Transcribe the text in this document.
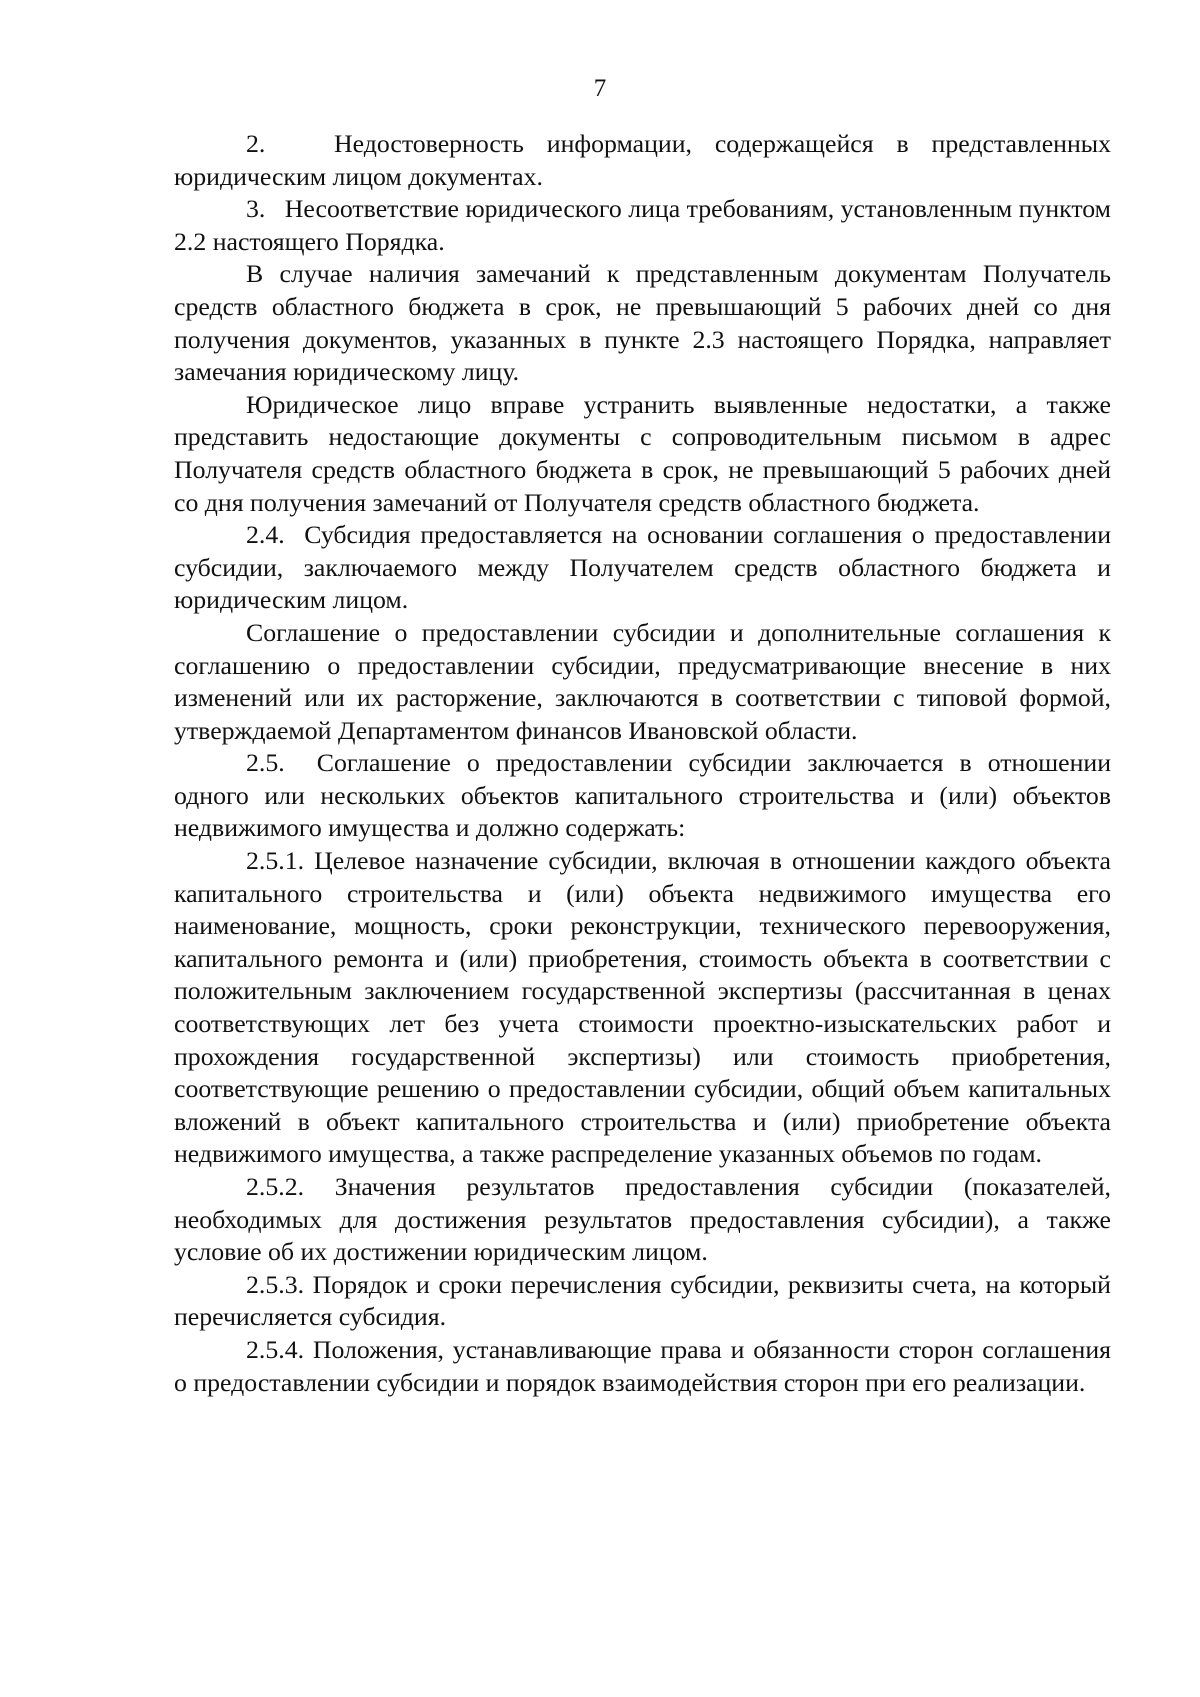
7

2.   Недостоверность информации, содержащейся в представленных юридическим лицом документах.

3.   Несоответствие юридического лица требованиям, установленным пунктом 2.2 настоящего Порядка.

В случае наличия замечаний к представленным документам Получатель средств областного бюджета в срок, не превышающий 5 рабочих дней со дня получения документов, указанных в пункте 2.3 настоящего Порядка, направляет замечания юридическому лицу.

Юридическое лицо вправе устранить выявленные недостатки, а также представить недостающие документы с сопроводительным письмом в адрес Получателя средств областного бюджета в срок, не превышающий 5 рабочих дней со дня получения замечаний от Получателя средств областного бюджета.

2.4.  Субсидия предоставляется на основании соглашения о предоставлении субсидии, заключаемого между Получателем средств областного бюджета и юридическим лицом.

Соглашение о предоставлении субсидии и дополнительные соглашения к соглашению о предоставлении субсидии, предусматривающие внесение в них изменений или их расторжение, заключаются в соответствии с типовой формой, утверждаемой Департаментом финансов Ивановской области.

2.5.  Соглашение о предоставлении субсидии заключается в отношении одного или нескольких объектов капитального строительства и (или) объектов недвижимого имущества и должно содержать:

2.5.1. Целевое назначение субсидии, включая в отношении каждого объекта капитального строительства и (или) объекта недвижимого имущества его наименование, мощность, сроки реконструкции, технического перевооружения, капитального ремонта и (или) приобретения, стоимость объекта в соответствии с положительным заключением государственной экспертизы (рассчитанная в ценах соответствующих лет без учета стоимости проектно-изыскательских работ и прохождения государственной экспертизы) или стоимость приобретения, соответствующие решению о предоставлении субсидии, общий объем капитальных вложений в объект капитального строительства и (или) приобретение объекта недвижимого имущества, а также распределение указанных объемов по годам.

2.5.2. Значения результатов предоставления субсидии (показателей, необходимых для достижения результатов предоставления субсидии), а также условие об их достижении юридическим лицом.

2.5.3. Порядок и сроки перечисления субсидии, реквизиты счета, на который перечисляется субсидия.

2.5.4. Положения, устанавливающие права и обязанности сторон соглашения о предоставлении субсидии и порядок взаимодействия сторон при его реализации.
